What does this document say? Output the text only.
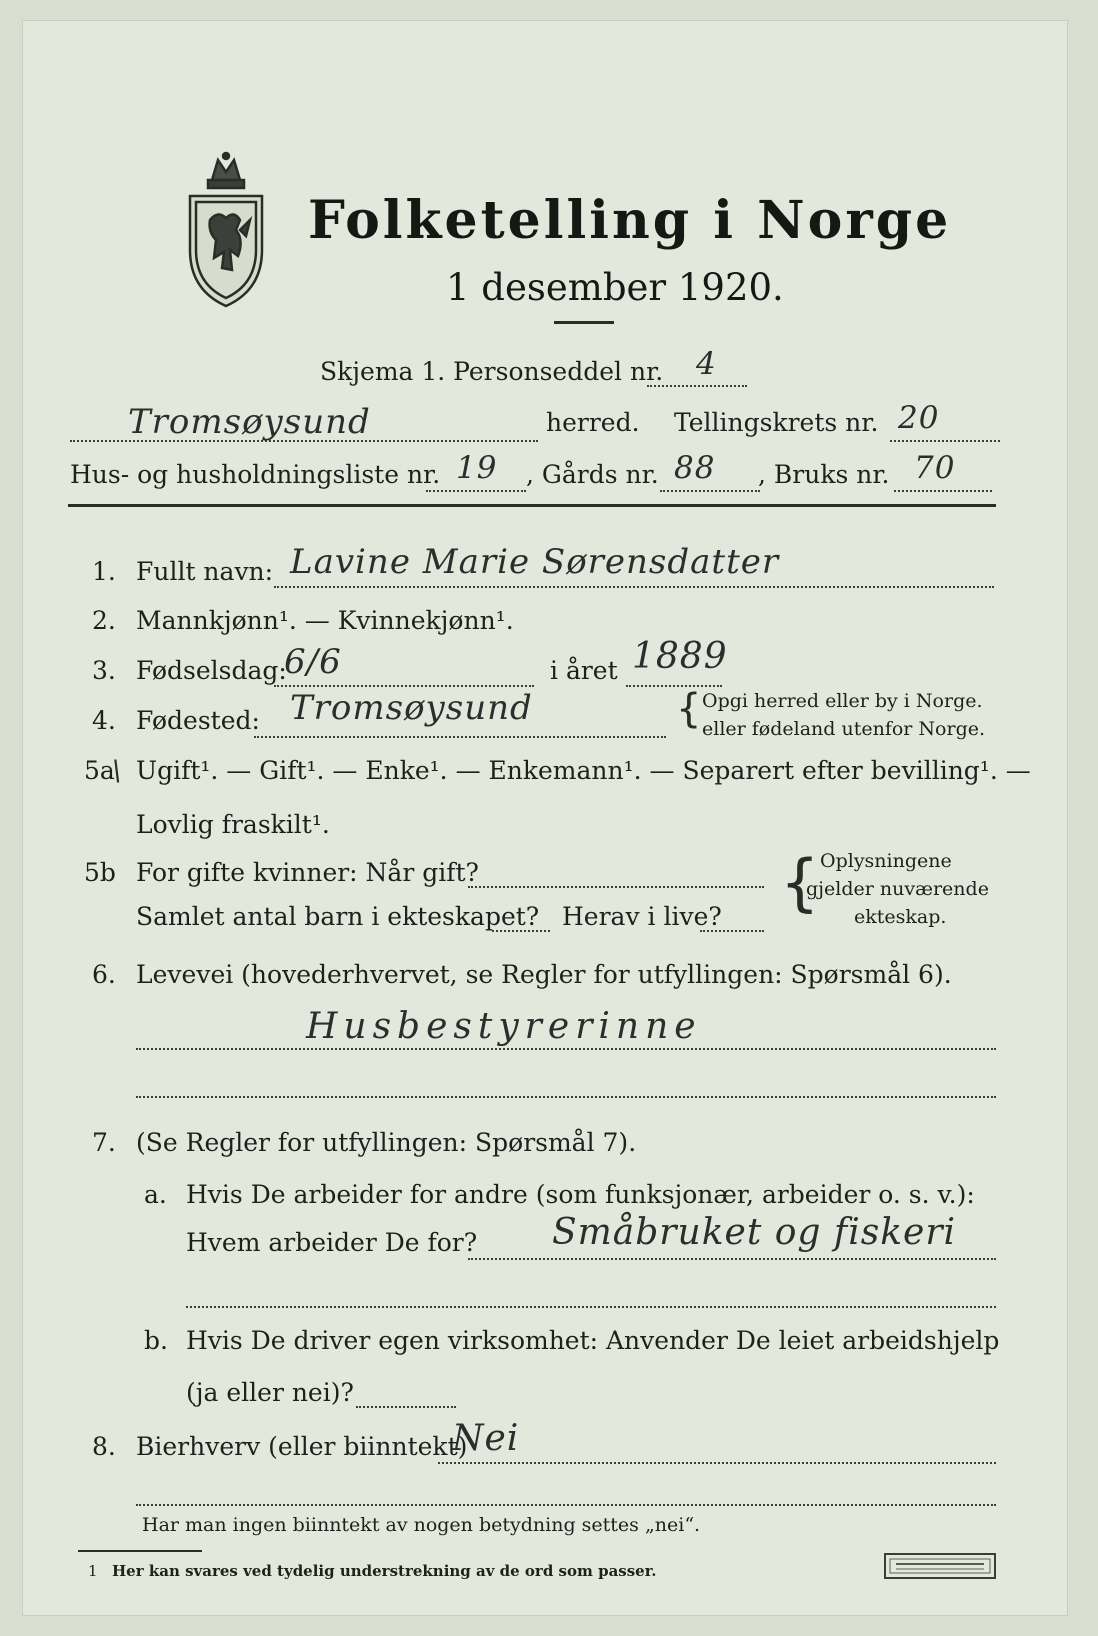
Folketelling i Norge
1 desember 1920.
Skjema 1. Personseddel nr. 4
Tromsøysund	herred. Tellingskrets nr. 20
Hus- og husholdningsliste nr. 19 , Gårds nr. 88 , Bruks nr. 70
1. Fullt navn: Lavine Marie Sørensdatter
2. Mannkjønn¹. — Kvinnekjønn¹.
3. Fødselsdag:
6/6	i året 1889
4. Fødested: Tromsøysund	{ Opgi herred eller by i Norge.
eller fødeland utenfor Norge.
5a
\ Ugift¹. — Gift¹. — Enke¹. — Enkemann¹. — Separert efter bevilling¹. —
Lovlig fraskilt¹.
5b For gifte kvinner: Når gift?
Samlet antal barn i ekteskapet? Herav i live? { Oplysningene
gjelder nuværende
ekteskap.
6. Levevei (hovederhvervet, se Regler for utfyllingen: Spørsmål 6).
Husbestyrerinne
7. (Se Regler for utfyllingen: Spørsmål 7).
a. Hvis De arbeider for andre (som funksjonær, arbeider o. s. v.):
Hvem arbeider De for? Småbruket og fiskeri
b. Hvis De driver egen virksomhet: Anvender De leiet arbeidshjelp
(ja eller nei)?
8. Bierhverv (eller biinntekt)
Nei
Har man ingen biinntekt av nogen betydning settes „nei“.
1 Her kan svares ved tydelig understrekning av de ord som passer.
